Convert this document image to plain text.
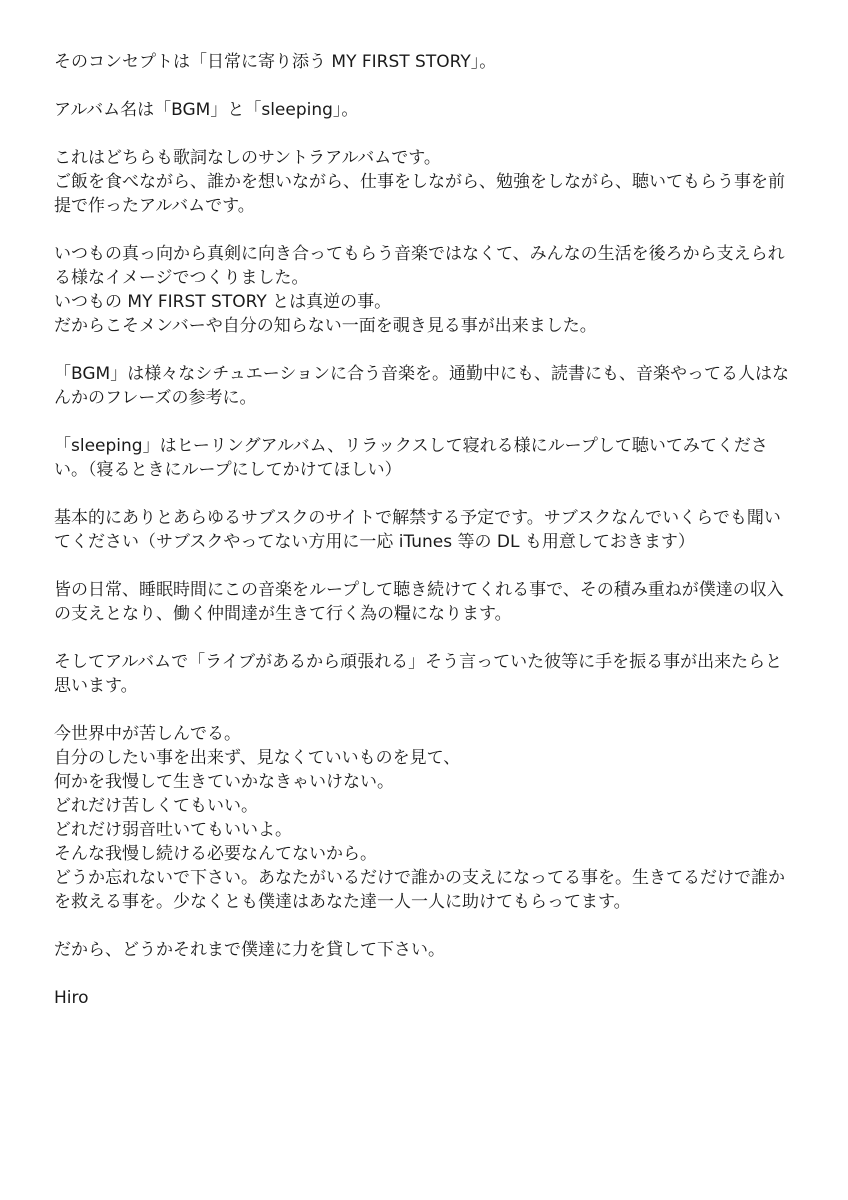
そのコンセプトは「日常に寄り添う MY FIRST STORY」。
アルバム名は「BGM」と「sleeping」。
これはどちらも歌詞なしのサントラアルバムです。
ご飯を食べながら、誰かを想いながら、仕事をしながら、勉強をしながら、聴いてもらう事を前
提で作ったアルバムです。
いつもの真っ向から真剣に向き合ってもらう音楽ではなくて、みんなの生活を後ろから支えられ
る様なイメージでつくりました。
いつもの MY FIRST STORY とは真逆の事。
だからこそメンバーや自分の知らない一面を覗き見る事が出来ました。
「BGM」は様々なシチュエーションに合う音楽を。通勤中にも、読書にも、音楽やってる人はな
んかのフレーズの参考に。
「sleeping」はヒーリングアルバム、リラックスして寝れる様にループして聴いてみてくださ
い。（寝るときにループにしてかけてほしい）
基本的にありとあらゆるサブスクのサイトで解禁する予定です。サブスクなんでいくらでも聞い
てください（サブスクやってない方用に一応 iTunes 等の DL も用意しておきます）
皆の日常、睡眠時間にこの音楽をループして聴き続けてくれる事で、その積み重ねが僕達の収入
の支えとなり、働く仲間達が生きて行く為の糧になります。
そしてアルバムで「ライブがあるから頑張れる」そう言っていた彼等に手を振る事が出来たらと
思います。
今世界中が苦しんでる。
自分のしたい事を出来ず、見なくていいものを見て、
何かを我慢して生きていかなきゃいけない。
どれだけ苦しくてもいい。
どれだけ弱音吐いてもいいよ。
そんな我慢し続ける必要なんてないから。
どうか忘れないで下さい。あなたがいるだけで誰かの支えになってる事を。生きてるだけで誰か
を救える事を。少なくとも僕達はあなた達一人一人に助けてもらってます。
だから、どうかそれまで僕達に力を貸して下さい。
Hiro
